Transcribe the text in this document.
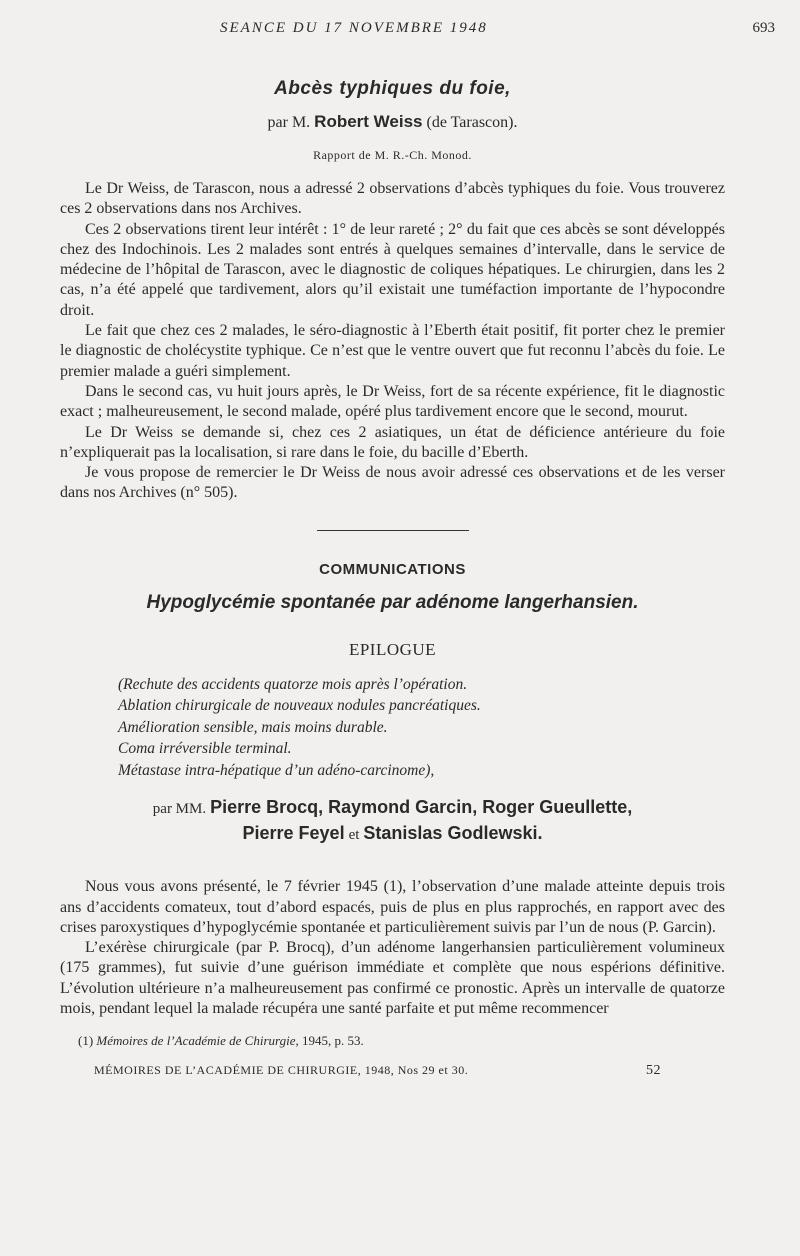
SEANCE DU 17 NOVEMBRE 1948	693
Abcès typhiques du foie,
par M. Robert Weiss (de Tarascon).
Rapport de M. R.-Ch. Monod.

Le Dr Weiss, de Tarascon, nous a adressé 2 observations d’abcès typhiques du foie. Vous trouverez ces 2 observations dans nos Archives.

Ces 2 observations tirent leur intérêt : 1° de leur rareté ; 2° du fait que ces abcès se sont développés chez des Indochinois. Les 2 malades sont entrés à quelques semaines d’intervalle, dans le service de médecine de l’hôpital de Tarascon, avec le diagnostic de coliques hépatiques. Le chirurgien, dans les 2 cas, n’a été appelé que tardivement, alors qu’il existait une tuméfaction importante de l’hypocondre droit.

Le fait que chez ces 2 malades, le séro-diagnostic à l’Eberth était positif, fit porter chez le premier le diagnostic de cholécystite typhique. Ce n’est que le ventre ouvert que fut reconnu l’abcès du foie. Le premier malade a guéri simplement.

Dans le second cas, vu huit jours après, le Dr Weiss, fort de sa récente expérience, fit le diagnostic exact ; malheureusement, le second malade, opéré plus tardivement encore que le second, mourut.

Le Dr Weiss se demande si, chez ces 2 asiatiques, un état de déficience antérieure du foie n’expliquerait pas la localisation, si rare dans le foie, du bacille d’Eberth.

Je vous propose de remercier le Dr Weiss de nous avoir adressé ces observations et de les verser dans nos Archives (n° 505).

COMMUNICATIONS
Hypoglycémie spontanée par adénome langerhansien.
EPILOGUE
(Rechute des accidents quatorze mois après l’opération.
Ablation chirurgicale de nouveaux nodules pancréatiques.
Amélioration sensible, mais moins durable.
Coma irréversible terminal.
Métastase intra-hépatique d’un adéno-carcinome),
par MM. Pierre Brocq, Raymond Garcin, Roger Gueullette,
Pierre Feyel et Stanislas Godlewski.

Nous vous avons présenté, le 7 février 1945 (1), l’observation d’une malade atteinte depuis trois ans d’accidents comateux, tout d’abord espacés, puis de plus en plus rapprochés, en rapport avec des crises paroxystiques d’hypoglycémie spontanée et particulièrement suivis par l’un de nous (P. Garcin).

L’exérèse chirurgicale (par P. Brocq), d’un adénome langerhansien particulièrement volumineux (175 grammes), fut suivie d’une guérison immédiate et complète que nous espérions définitive. L’évolution ultérieure n’a malheureusement pas confirmé ce pronostic. Après un intervalle de quatorze mois, pendant lequel la malade récupéra une santé parfaite et put même recommencer

(1) Mémoires de l’Académie de Chirurgie, 1945, p. 53.
MÉMOIRES DE L’ACADÉMIE DE CHIRURGIE, 1948, Nos 29 et 30.	52
